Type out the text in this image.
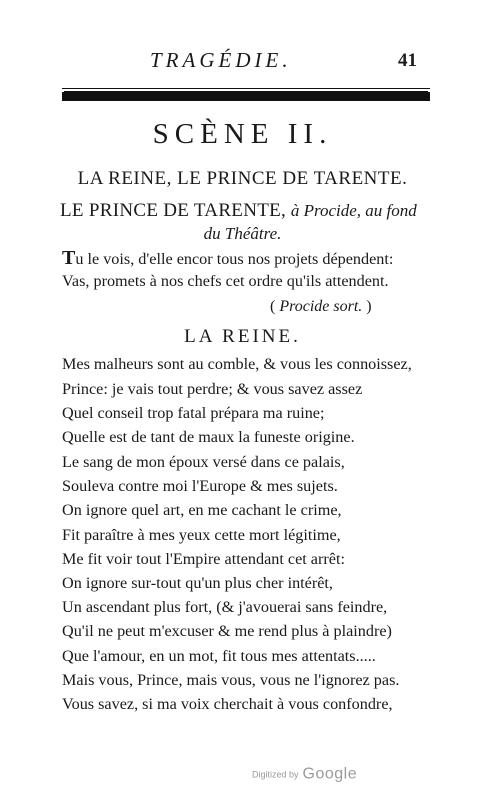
TRAGÉDIE.	41
SCÈNE II.
LA REINE, LE PRINCE DE TARENTE.
LE PRINCE DE TARENTE, à Procide, au fond
du Théâtre.
Tu le vois, d'elle encor tous nos projets dépendent:
Vas, promets à nos chefs cet ordre qu'ils attendent.
( Procide sort. )
LA REINE.
Mes malheurs sont au comble, & vous les connoissez,
Prince: je vais tout perdre; & vous savez assez
Quel conseil trop fatal prépara ma ruine;
Quelle est de tant de maux la funeste origine.
Le sang de mon époux versé dans ce palais,
Souleva contre moi l'Europe & mes sujets.
On ignore quel art, en me cachant le crime,
Fit paraître à mes yeux cette mort légitime,
Me fit voir tout l'Empire attendant cet arrêt:
On ignore sur-tout qu'un plus cher intérêt,
Un ascendant plus fort, (& j'avouerai sans feindre,
Qu'il ne peut m'excuser & me rend plus à plaindre)
Que l'amour, en un mot, fit tous mes attentats.....
Mais vous, Prince, mais vous, vous ne l'ignorez pas.
Vous savez, si ma voix cherchait à vous confondre,
Digitized by Google
